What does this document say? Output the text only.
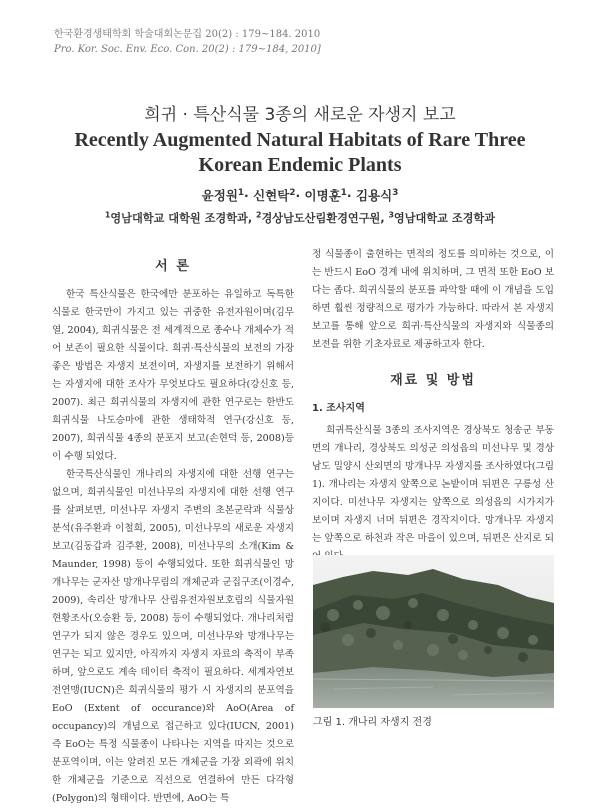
한국환경생태학회 학술대회논문집 20(2) : 179~184. 2010
Pro. Kor. Soc. Env. Eco. Con. 20(2) : 179~184, 2010]
희귀 · 특산식물 3종의 새로운 자생지 보고
Recently Augmented Natural Habitats of Rare Three
Korean Endemic Plants
윤정원$^1$· 신현탁$^2$· 이명훈$^1$· 김용식$^3$
$^1$영남대학교 대학원 조경학과, $^2$경상남도산림환경연구원, $^3$영남대학교 조경학과
서 론

한국 특산식물은 한국에만 분포하는 유일하고 독특한 식물로 한국만이 가지고 있는 귀중한 유전자원이며(김무열, 2004), 희귀식물은 전 세계적으로 종수나 개체수가 적어 보존이 필요한 식물이다. 희귀·특산식물의 보전의 가장 좋은 방법은 자생지 보전이며, 자생지를 보전하기 위해서는 자생지에 대한 조사가 무엇보다도 필요하다(강신호 등, 2007). 최근 희귀식물의 자생지에 관한 연구로는 한반도 희귀식물 나도승마에 관한 생태학적 연구(강신호 등, 2007), 희귀식물 4종의 분포지 보고(손현덕 등, 2008)등이 수행 되었다.

한국특산식물인 개나리의 자생지에 대한 선행 연구는 없으며, 희귀식물인 미선나무의 자생지에 대한 선행 연구를 살펴보면, 미선나무 자생지 주변의 초본군락과 식물상 분석(유주환과 이철희, 2005), 미선나무의 새로운 자생지 보고(김동갑과 김주환, 2008), 미선나무의 소개(Kim & Maunder, 1998) 등이 수행되었다. 또한 희귀식물인 망개나무는 군자산 망개나무림의 개체군과 군집구조(이경수, 2009), 속리산 망개나무 산림유전자원보호림의 식물자원 현황조사(오승환 등, 2008) 등이 수행되었다. 개나리처럼 연구가 되지 않은 경우도 있으며, 미선나무와 망개나무는 연구는 되고 있지만, 아직까지 자생지 자료의 축적이 부족하며, 앞으로도 계속 데이터 축적이 필요하다. 세계자연보전연맹(IUCN)은 희귀식물의 평가 시 자생지의 분포역을 EoO (Extent of occurance)와 AoO(Area of occupancy)의 개념으로 접근하고 있다(IUCN, 2001) 즉 EoO는 특정 식물종이 나타나는 지역을 따지는 것으로 분포역이며, 이는 알려진 모든 개체군을 가장 외곽에 위치한 개체군을 기준으로 직선으로 연결하여 만든 다각형(Polygon)의 형태이다. 반면에, AoO는 특

정 식물종이 출현하는 면적의 정도를 의미하는 것으로, 이는 반드시 EoO 경계 내에 위치하며, 그 면적 또한 EoO 보다는 좁다. 희귀식물의 분포를 파악할 때에 이 개념을 도입하면 훨씬 정량적으로 평가가 가능하다. 따라서 본 자생지 보고를 통해 앞으로 희귀·특산식물의 자생지와 식물종의 보전을 위한 기초자료로 제공하고자 한다.

재료 및 방법
1. 조사지역

희귀특산식물 3종의 조사지역은 경상북도 청송군 부동면의 개나리, 경상북도 의성군 의성읍의 미선나무 및 경상남도 밀양시 산외면의 망개나무 자생지를 조사하였다(그림 1). 개나리는 자생지 앞쪽으로 논밭이며 뒤편은 구릉성 산지이다. 미선나무 자생지는 앞쪽으로 의성읍의 시가지가 보이며 자생지 너머 뒤편은 경작지이다. 망개나무 자생지는 앞쪽으로 하천과 작은 마을이 있으며, 뒤편은 산지로 되

그림 1. 개나리 자생지 전경
